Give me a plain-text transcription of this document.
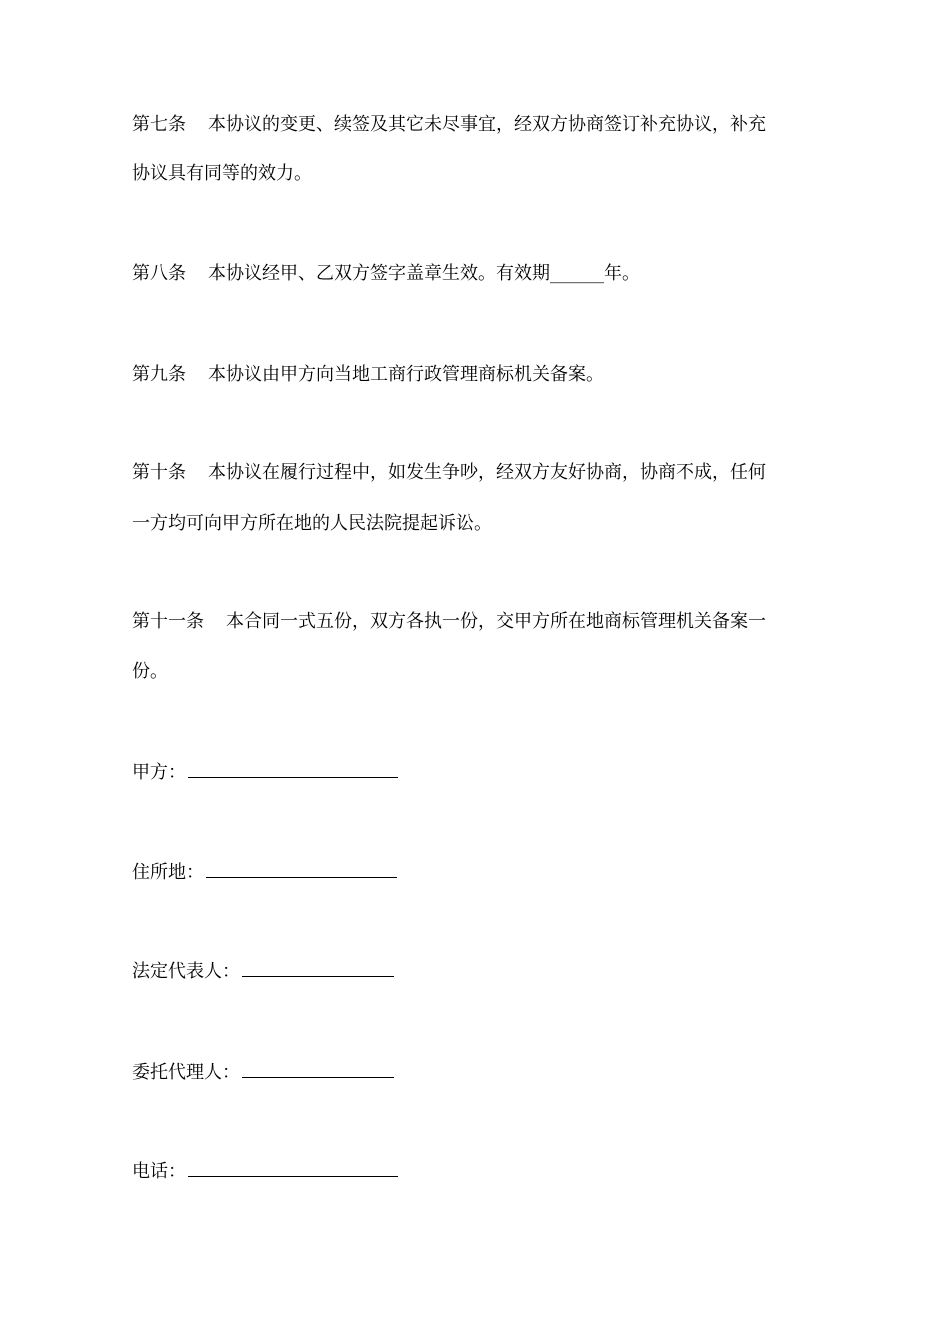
第七条 本协议的变更、续签及其它未尽事宜，经双方协商签订补充协议，补充
协议具有同等的效力。
第八条 本协议经甲、乙双方签字盖章生效。有效期______年。
第九条 本协议由甲方向当地工商行政管理商标机关备案。
第十条 本协议在履行过程中，如发生争吵，经双方友好协商，协商不成，任何
一方均可向甲方所在地的人民法院提起诉讼。
第十一条 本合同一式五份，双方各执一份，交甲方所在地商标管理机关备案一
份。
甲方：
住所地：
法定代表人：
委托代理人：
电话：
